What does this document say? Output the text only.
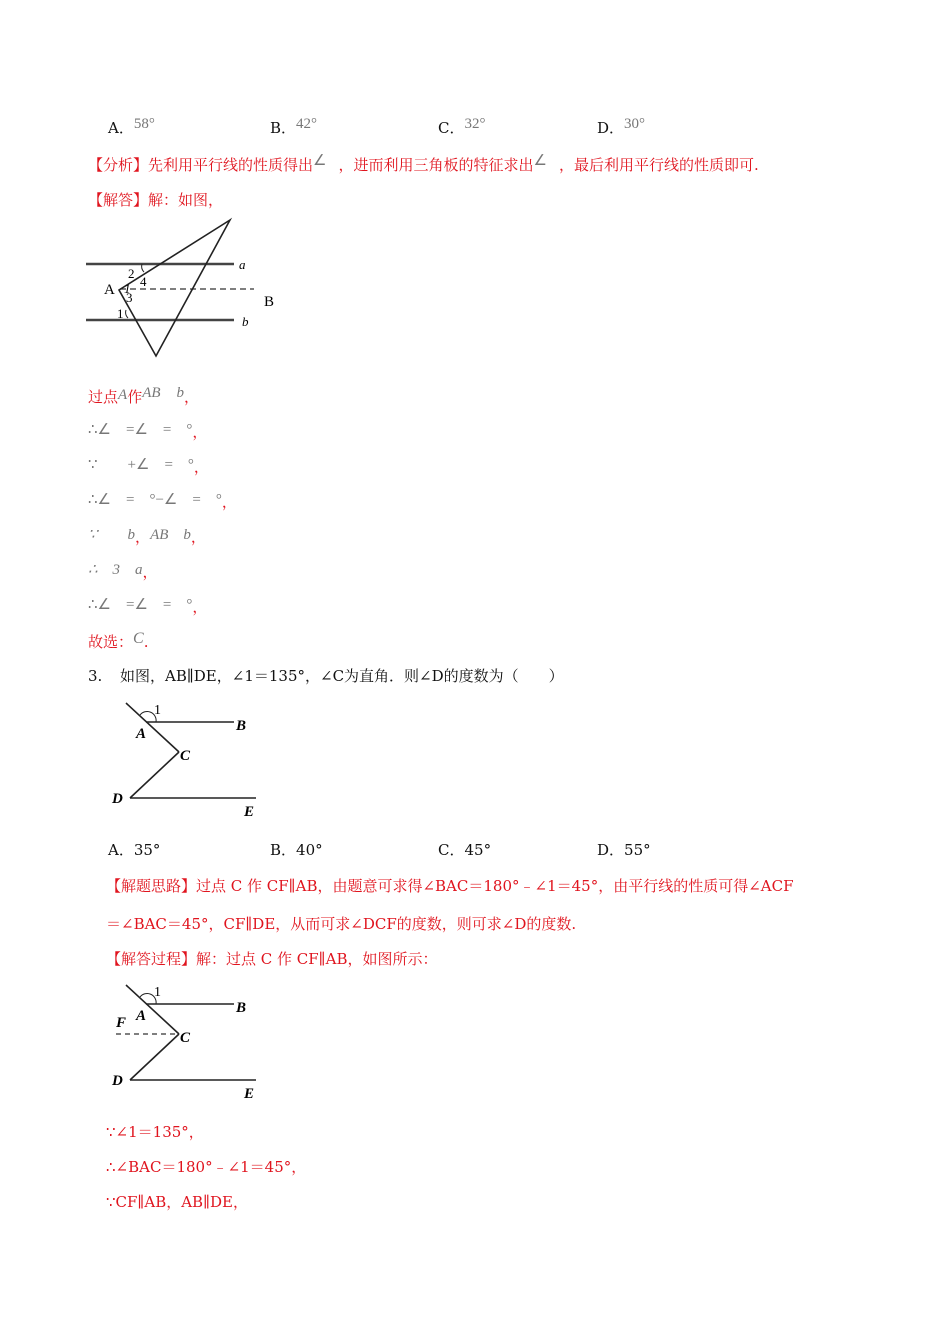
A．58°	B．42°	C．32°	D．30°
【分析】先利用平行线的性质得出∠ ，进而利用三角板的特征求出∠ ，最后利用平行线的性质即可.
【解答】解：如图，
a
A
B
b
2
4
1
3
1
过点A作AB b，
∴∠　=∠　=　°，
∵　　+∠　=　°，
∴∠　=　°−∠　=　°，
∵　　b，AB　b，
∴　3　a，
∴∠　=∠　=　°，
故选：C.
3. 如图，AB∥DE，∠1＝135°，∠C为直角．则∠D的度数为（　　）
1
A	B
C
D
E
A．35°	B．40°	C．45°	D．55°
【解题思路】过点 C 作 CF∥AB，由题意可求得∠BAC＝180°﹣∠1＝45°，由平行线的性质可得∠ACF
＝∠BAC＝45°，CF∥DE，从而可求∠DCF的度数，则可求∠D的度数.
【解答过程】解：过点 C 作 CF∥AB，如图所示：
1
A	B
F
C
D
E
∵∠1＝135°，
∴∠BAC＝180°﹣∠1＝45°，
∵CF∥AB，AB∥DE，
